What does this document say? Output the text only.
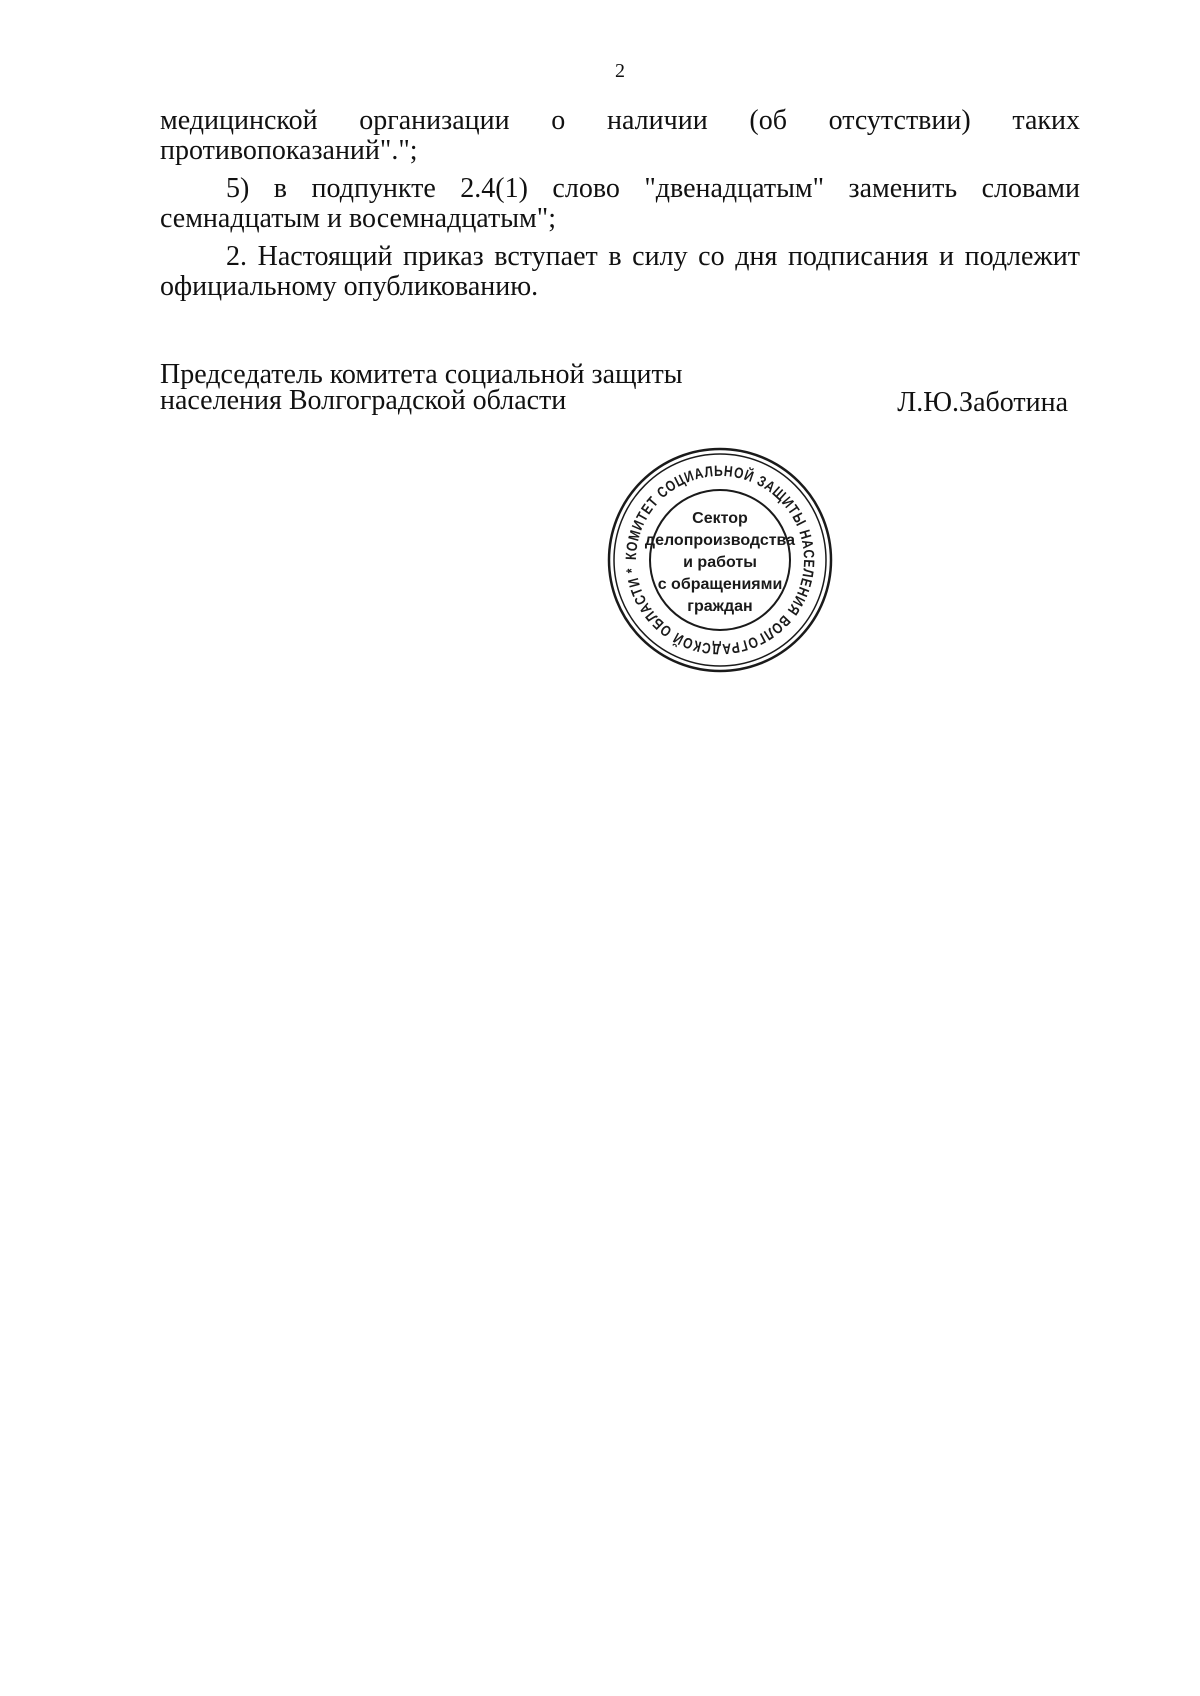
2

медицинской организации о наличии (об отсутствии) таких противопоказаний".";

5) в подпункте 2.4(1) слово "двенадцатым" заменить словами семнадцатым и восемнадцатым";

2. Настоящий приказ вступает в силу со дня подписания и подлежит официальному опубликованию.

Председатель комитета социальной защиты
населения Волгоградской области	Л.Ю.Заботина
КОМИТЕТ СОЦИАЛЬНОЙ ЗАЩИТЫ НАСЕЛЕНИЯ ВОЛГОГРАДСКОЙ ОБЛАСТИ *
Сектор
делопроизводства
и работы
с обращениями
граждан
